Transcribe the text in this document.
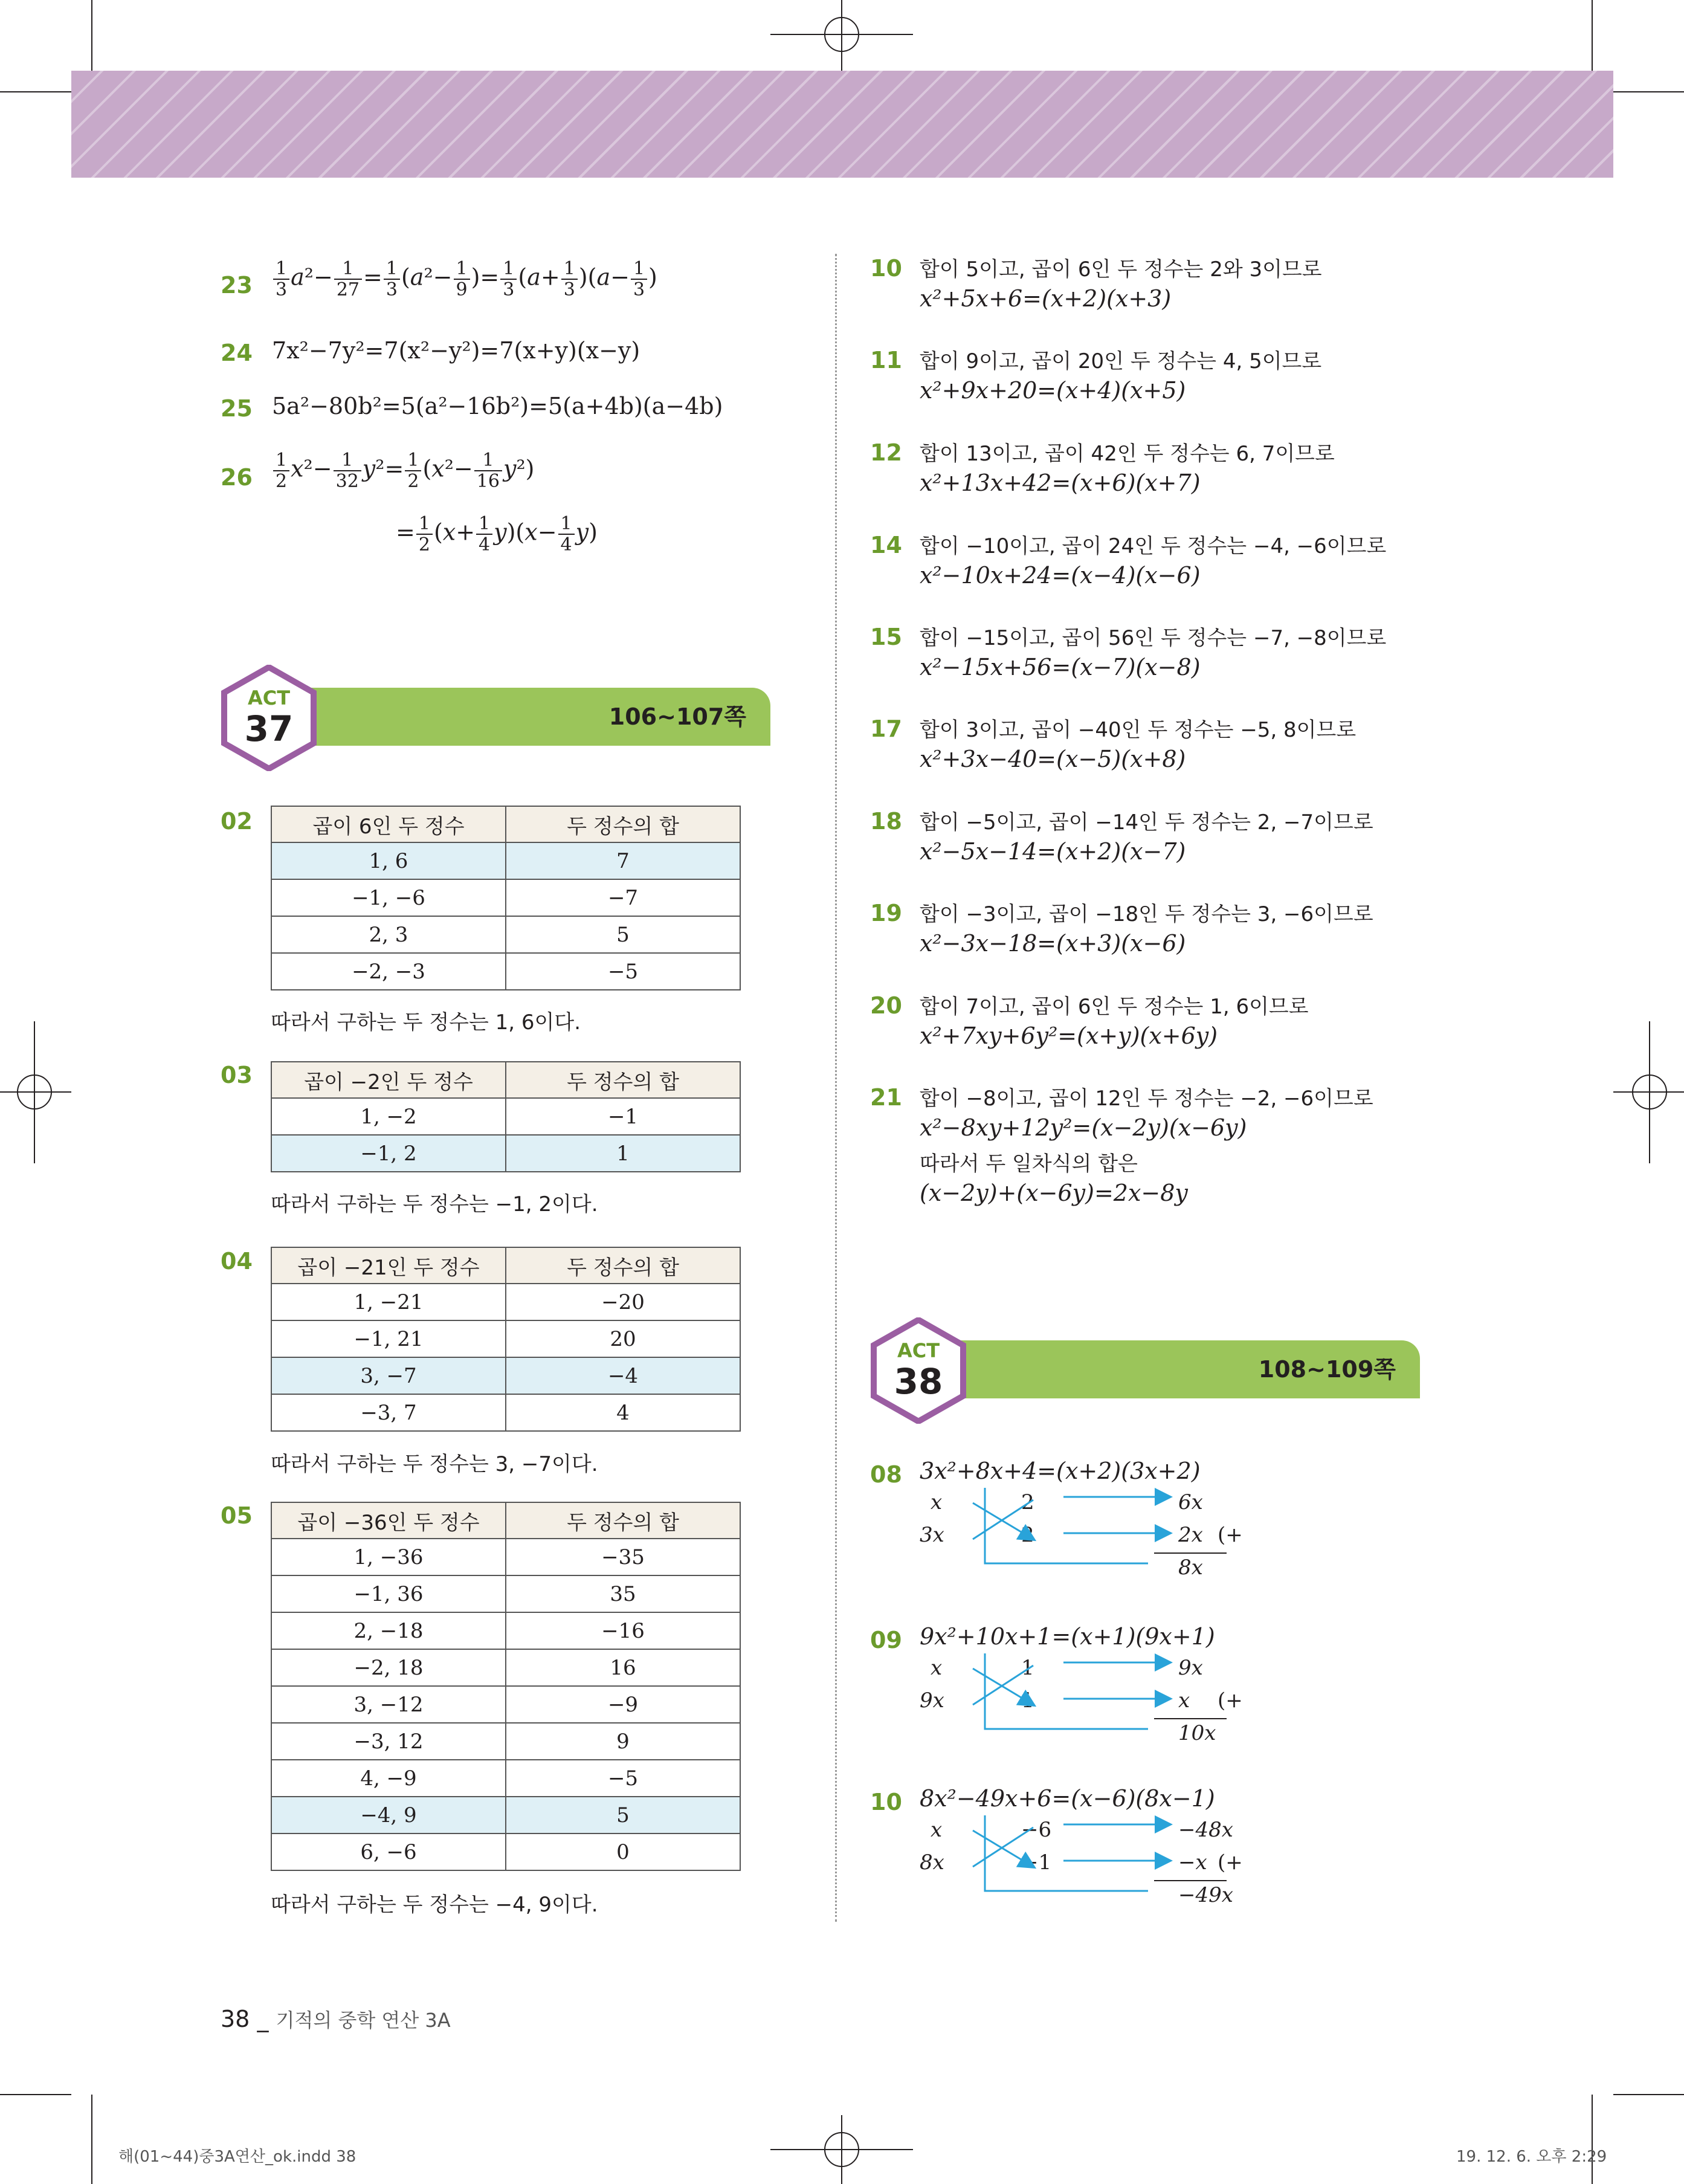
$23 \frac{1}{3} a^2- \frac{1}{27} = \frac{1}{3} (a^2- \frac{1}{9}$ )= $\frac{1}{3} (a+ \frac{1}{3} )(a- \frac{1}{3}$ )
24 7x²−7y²=7(x²−y²)=7(x+y)(x−y)
25 5a²−80b²=5(a²−16b²)=5(a+4b)(a−4b)
$26 \frac{1}{2} x^2- \frac{1}{32} y^2= \frac{1}{2} (x^2- \frac{1}{16} y^2)$
= $\frac{1}{2} (x+ \frac{1}{4} y)(x- \frac{1}{4} y)$
106~107쪽
ACT
37
02	곱이 6인 두 정수	두 정수의 합
1, 6	7
−1, −6	−7
2, 3	5
−2, −3	−5
따라서 구하는 두 정수는 1, 6이다.
03	곱이 −2인 두 정수	두 정수의 합
1, −2	−1
−1, 2	1
따라서 구하는 두 정수는 −1, 2이다.
04 곱이 −21인 두 정수	두 정수의 합
1, −21	−20
−1, 21	20
3, −7	−4
−3, 7	4
따라서 구하는 두 정수는 3, −7이다.
05 곱이 −36인 두 정수	두 정수의 합
1, −36	−35
−1, 36	35
2, −18	−16
−2, 18	16
3, −12	−9
−3, 12	9
4, −9	−5
−4, 9	5
6, −6	0
따라서 구하는 두 정수는 −4, 9이다.
10 합이 5이고, 곱이 6인 두 정수는 2와 3이므로
x²+5x+6=(x+2)(x+3)
11 합이 9이고, 곱이 20인 두 정수는 4, 5이므로
x²+9x+20=(x+4)(x+5)
12 합이 13이고, 곱이 42인 두 정수는 6, 7이므로
x²+13x+42=(x+6)(x+7)
14 합이 −10이고, 곱이 24인 두 정수는 −4, −6이므로
x²−10x+24=(x−4)(x−6)
15 합이 −15이고, 곱이 56인 두 정수는 −7, −8이므로
x²−15x+56=(x−7)(x−8)
17 합이 3이고, 곱이 −40인 두 정수는 −5, 8이므로
x²+3x−40=(x−5)(x+8)
18 합이 −5이고, 곱이 −14인 두 정수는 2, −7이므로
x²−5x−14=(x+2)(x−7)
19 합이 −3이고, 곱이 −18인 두 정수는 3, −6이므로
x²−3x−18=(x+3)(x−6)
20 합이 7이고, 곱이 6인 두 정수는 1, 6이므로
x²+7xy+6y²=(x+y)(x+6y)
21 합이 −8이고, 곱이 12인 두 정수는 −2, −6이므로
x²−8xy+12y²=(x−2y)(x−6y)
따라서 두 일차식의 합은
(x−2y)+(x−6y)=2x−8y
108~109쪽
ACT
38
08 3x²+8x+4=(x+2)(3x+2)
x
3x
2
2
6x
2x (+
8x
09 9x²+10x+1=(x+1)(9x+1)
x
9x
1
1
9x
x (+
10x
10 8x²−49x+6=(x−6)(8x−1)
x
8x
−6
−1
−48x
−x (+
−49x
38 _ 기적의 중학 연산 3A
해(01~44)중3A연산_ok.indd 38	19. 12. 6. 오후 2:29
